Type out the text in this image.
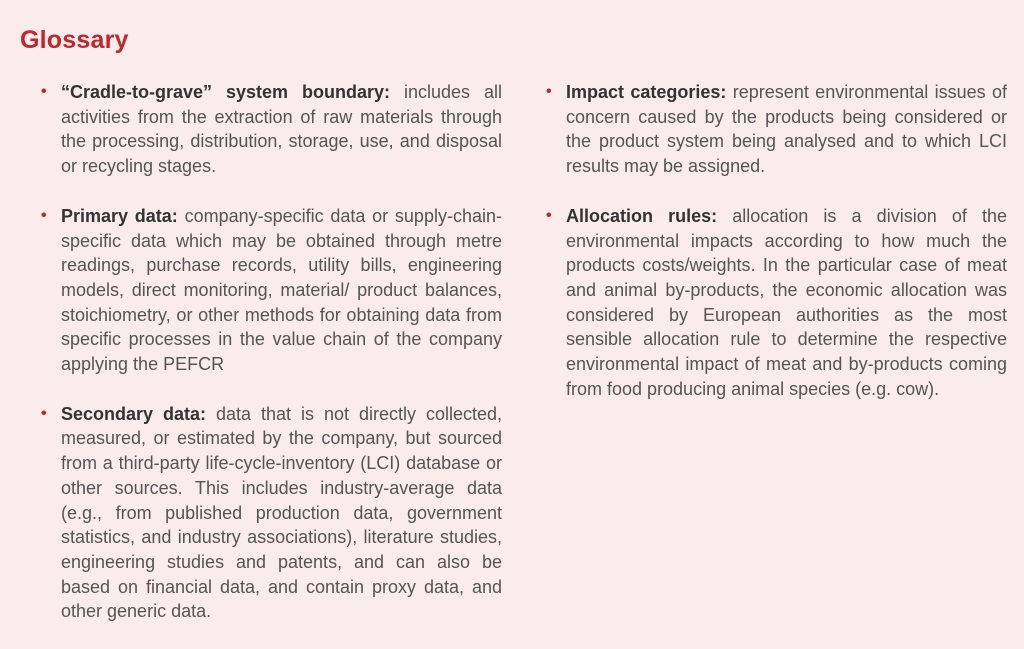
Glossary
• “Cradle-to-grave” system boundary: includes all activities from the extraction of raw materials through the processing, distribution, storage, use, and disposal or recycling stages.
• Primary data: company-specific data or supply-chain-specific data which may be obtained through metre readings, purchase records, utility bills, engineering models, direct monitoring, material/ product balances, stoichiometry, or other methods for obtaining data from specific processes in the value chain of the company applying the PEFCR
• Secondary data: data that is not directly collected, measured, or estimated by the company, but sourced from a third-party life-cycle-inventory (LCI) database or other sources. This includes industry-average data (e.g., from published production data, government statistics, and industry associations), literature studies, engineering studies and patents, and can also be based on financial data, and contain proxy data, and other generic data.
• Impact categories: represent environmental issues of concern caused by the products being considered or the product system being analysed and to which LCI results may be assigned.
• Allocation rules: allocation is a division of the environmental impacts according to how much the products costs/weights. In the particular case of meat and animal by-products, the economic allocation was considered by European authorities as the most sensible allocation rule to determine the respective environmental impact of meat and by-products coming from food producing animal species (e.g. cow).
